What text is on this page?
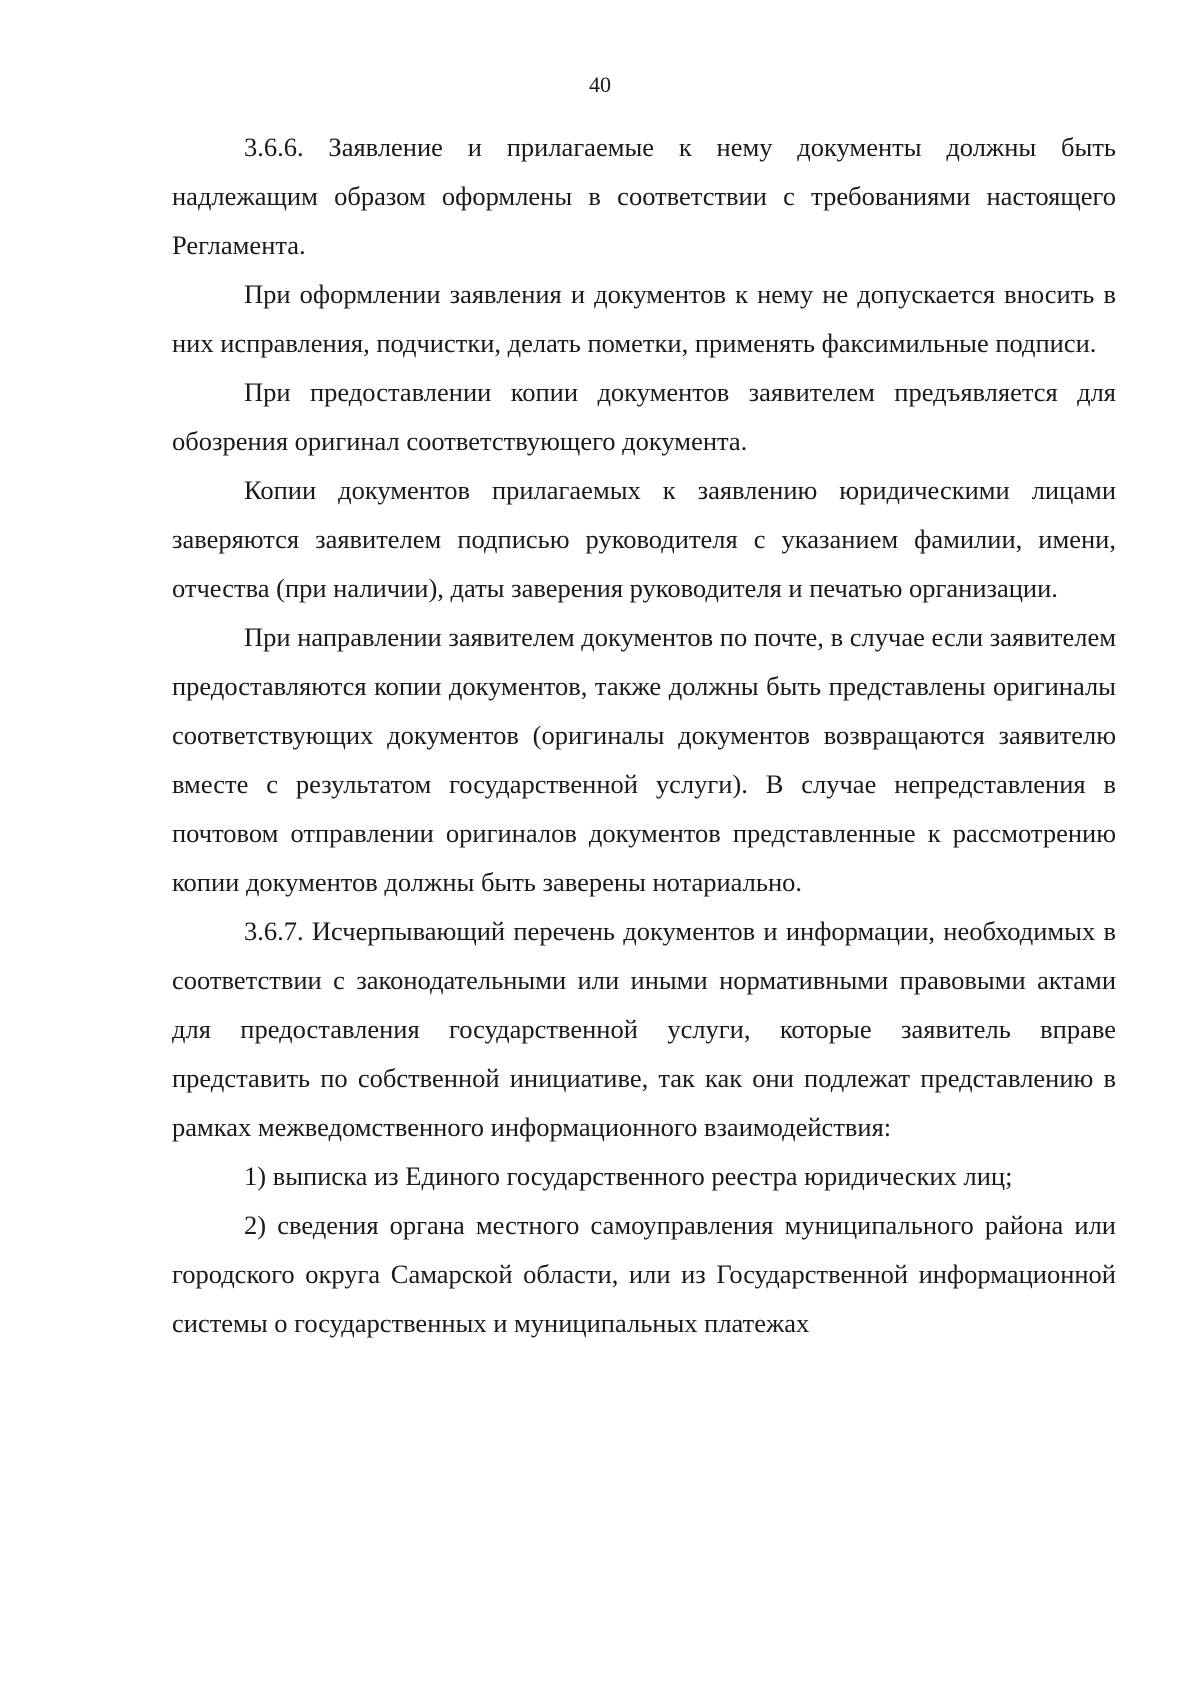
40

3.6.6. Заявление и прилагаемые к нему документы должны быть надлежащим образом оформлены в соответствии с требованиями настоящего Регламента.

При оформлении заявления и документов к нему не допускается вносить в них исправления, подчистки, делать пометки, применять факсимильные подписи.

При предоставлении копии документов заявителем предъявляется для обозрения оригинал соответствующего документа.

Копии документов прилагаемых к заявлению юридическими лицами заверяются заявителем подписью руководителя с указанием фамилии, имени, отчества (при наличии), даты заверения руководителя и печатью организации.

При направлении заявителем документов по почте, в случае если заявителем предоставляются копии документов, также должны быть представлены оригиналы соответствующих документов (оригиналы документов возвращаются заявителю вместе с результатом государственной услуги). В случае непредставления в почтовом отправлении оригиналов документов представленные к рассмотрению копии документов должны быть заверены нотариально.

3.6.7. Исчерпывающий перечень документов и информации, необходимых в соответствии с законодательными или иными нормативными правовыми актами для предоставления государственной услуги, которые заявитель вправе представить по собственной инициативе, так как они подлежат представлению в рамках межведомственного информационного взаимодействия:

1) выписка из Единого государственного реестра юридических лиц;

2) сведения органа местного самоуправления муниципального района или городского округа Самарской области, или из Государственной информационной системы о государственных и муниципальных платежах
